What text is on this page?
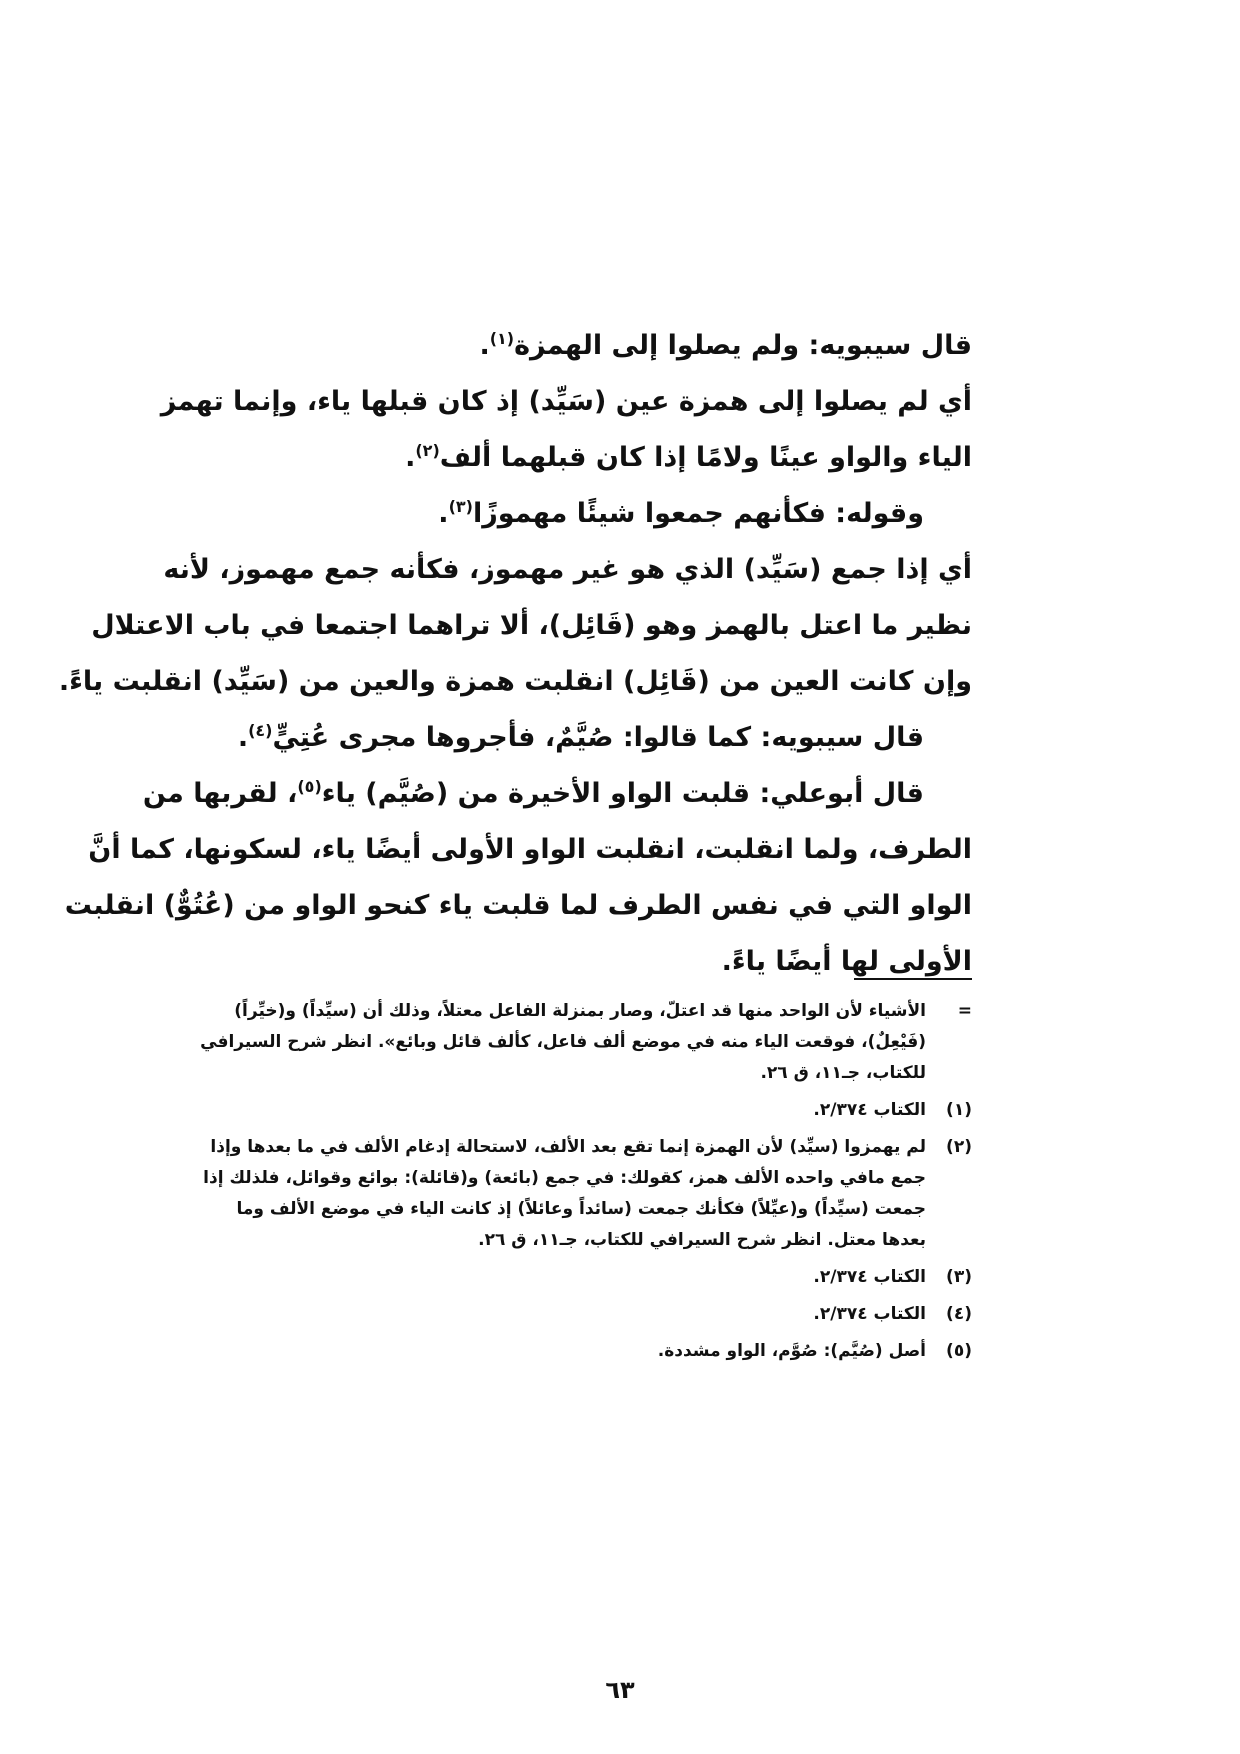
قال سيبويه: ولم يصلوا إلى الهمزة$^{(١)}$.
أي لم يصلوا إلى همزة عين (سَيِّد) إذ كان قبلها ياء، وإنما تهمز
الياء والواو عينًا ولامًا إذا كان قبلهما ألف$^{(٢)}$.
وقوله: فكأنهم جمعوا شيئًا مهموزًا$^{(٣)}$.
أي إذا جمع (سَيِّد) الذي هو غير مهموز، فكأنه جمع مهموز، لأنه
نظير ما اعتل بالهمز وهو (قَائِل)، ألا تراهما اجتمعا في باب الاعتلال
وإن كانت العين من (قَائِل) انقلبت همزة والعين من (سَيِّد) انقلبت ياءً.
قال سيبويه: كما قالوا: صُيَّمٌ، فأجروها مجرى عُتِيٍّ$^{(٤)}$.
قال أبوعلي: قلبت الواو الأخيرة من (صُيَّم) ياء$^{(٥)}$، لقربها من
الطرف، ولما انقلبت، انقلبت الواو الأولى أيضًا ياء، لسكونها، كما أنَّ
الواو التي في نفس الطرف لما قلبت ياء كنحو الواو من (عُتُوٌّ) انقلبت
الأولى لها أيضًا ياءً.
=
الأشياء لأن الواحد منها قد اعتلّ، وصار بمنزلة الفاعل معتلاً، وذلك أن (سيِّداً) و(خيِّراً)
(فَيْعِلٌ)، فوقعت الياء منه في موضع ألف فاعل، كألف قائل وبائع». انظر شرح السيرافي
للكتاب، جـ١١، ق ٢٦.
(١)
الكتاب ٢/٣٧٤.
(٢)
لم يهمزوا (سيِّد) لأن الهمزة إنما تقع بعد الألف، لاستحالة إدغام الألف في ما بعدها وإذا
جمع مافي واحده الألف همز، كقولك: في جمع (بائعة) و(قائلة): بوائع وقوائل، فلذلك إذا
جمعت (سيِّداً) و(عيِّلاً) فكأنك جمعت (سائداً وعائلاً) إذ كانت الياء في موضع الألف وما
بعدها معتل. انظر شرح السيرافي للكتاب، جـ١١، ق ٢٦.
(٣)
الكتاب ٢/٣٧٤.
(٤)
الكتاب ٢/٣٧٤.
(٥)
أصل (صُيَّم): صُوَّم، الواو مشددة.
٦٣
